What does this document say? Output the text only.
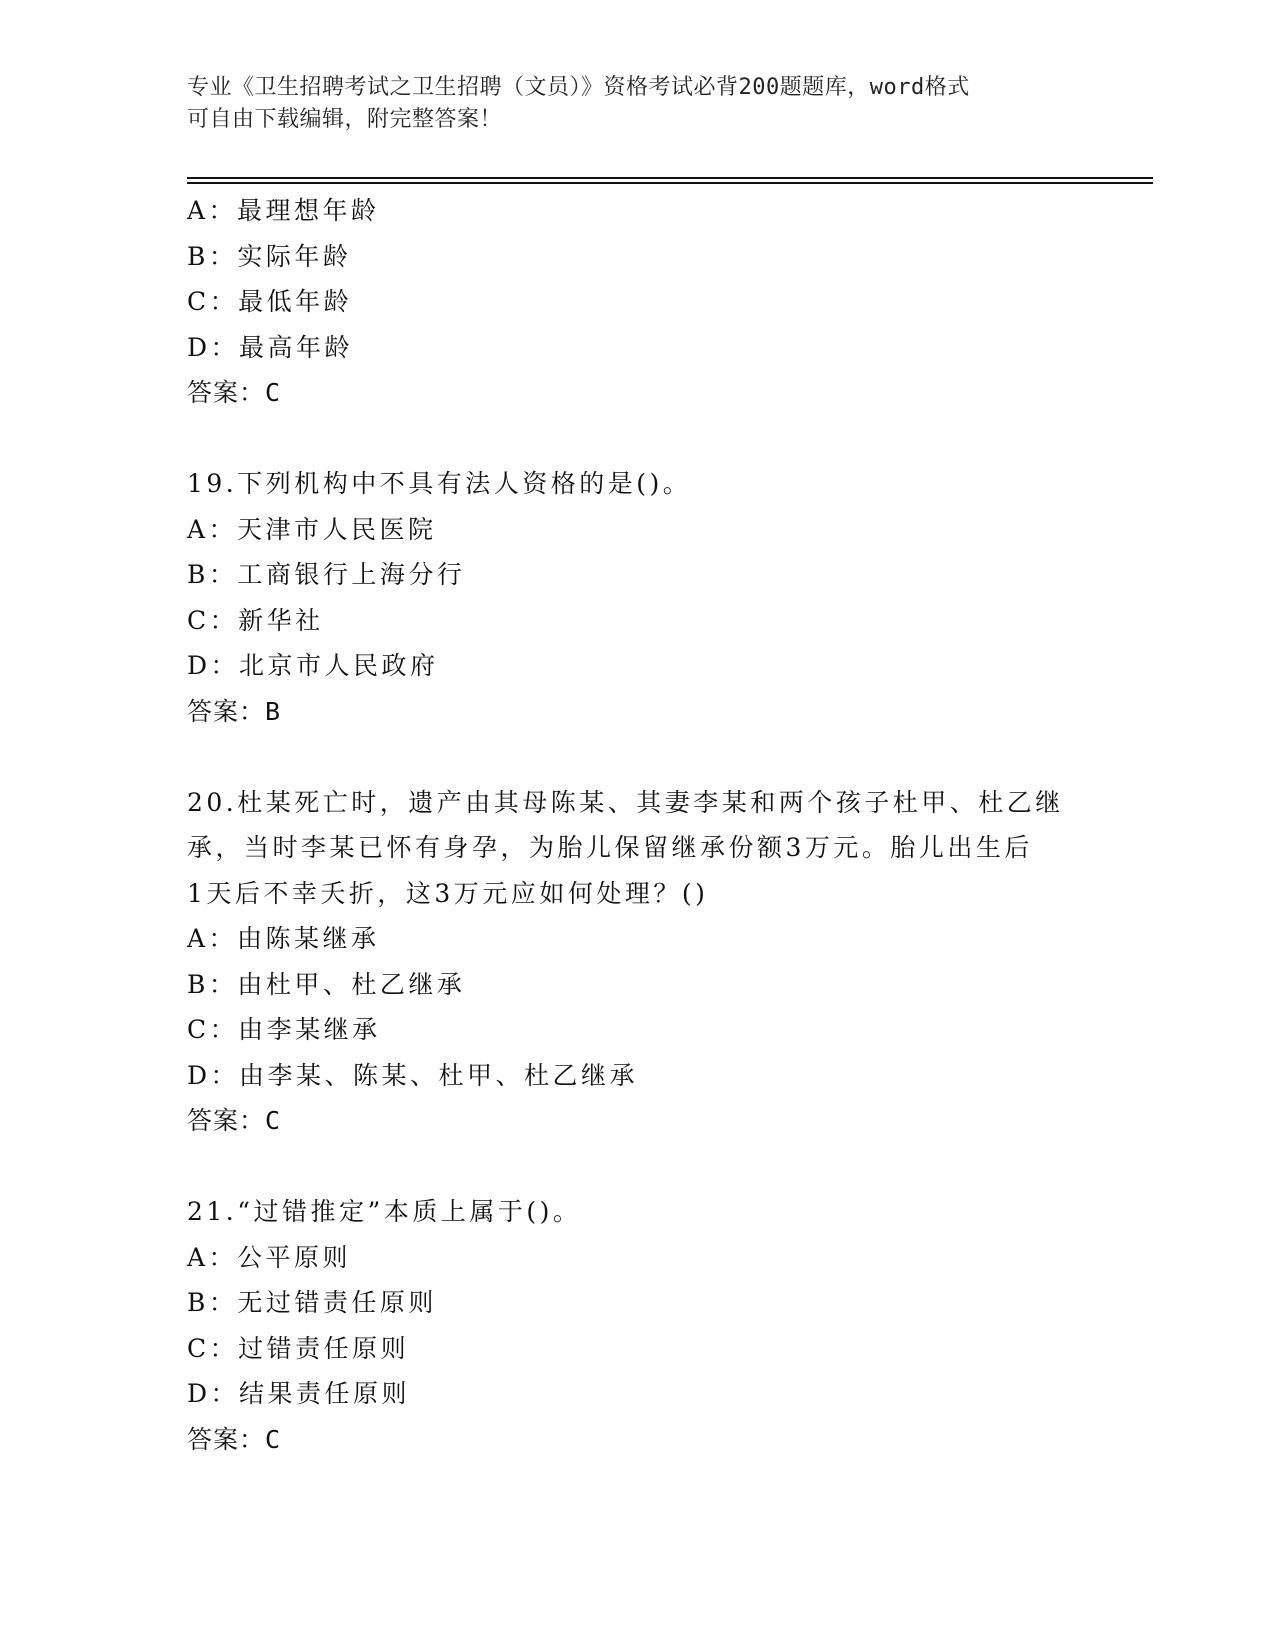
专业《卫生招聘考试之卫生招聘（文员）》资格考试必背200题题库，word格式
可自由下载编辑，附完整答案！
A：最理想年龄
B：实际年龄
C：最低年龄
D：最高年龄
答案：C
19.下列机构中不具有法人资格的是()。
A：天津市人民医院
B：工商银行上海分行
C：新华社
D：北京市人民政府
答案：B
20.杜某死亡时，遗产由其母陈某、其妻李某和两个孩子杜甲、杜乙继
承，当时李某已怀有身孕，为胎儿保留继承份额3万元。胎儿出生后
1天后不幸夭折，这3万元应如何处理？()
A：由陈某继承
B：由杜甲、杜乙继承
C：由李某继承
D：由李某、陈某、杜甲、杜乙继承
答案：C
21.“过错推定”本质上属于()。
A：公平原则
B：无过错责任原则
C：过错责任原则
D：结果责任原则
答案：C
